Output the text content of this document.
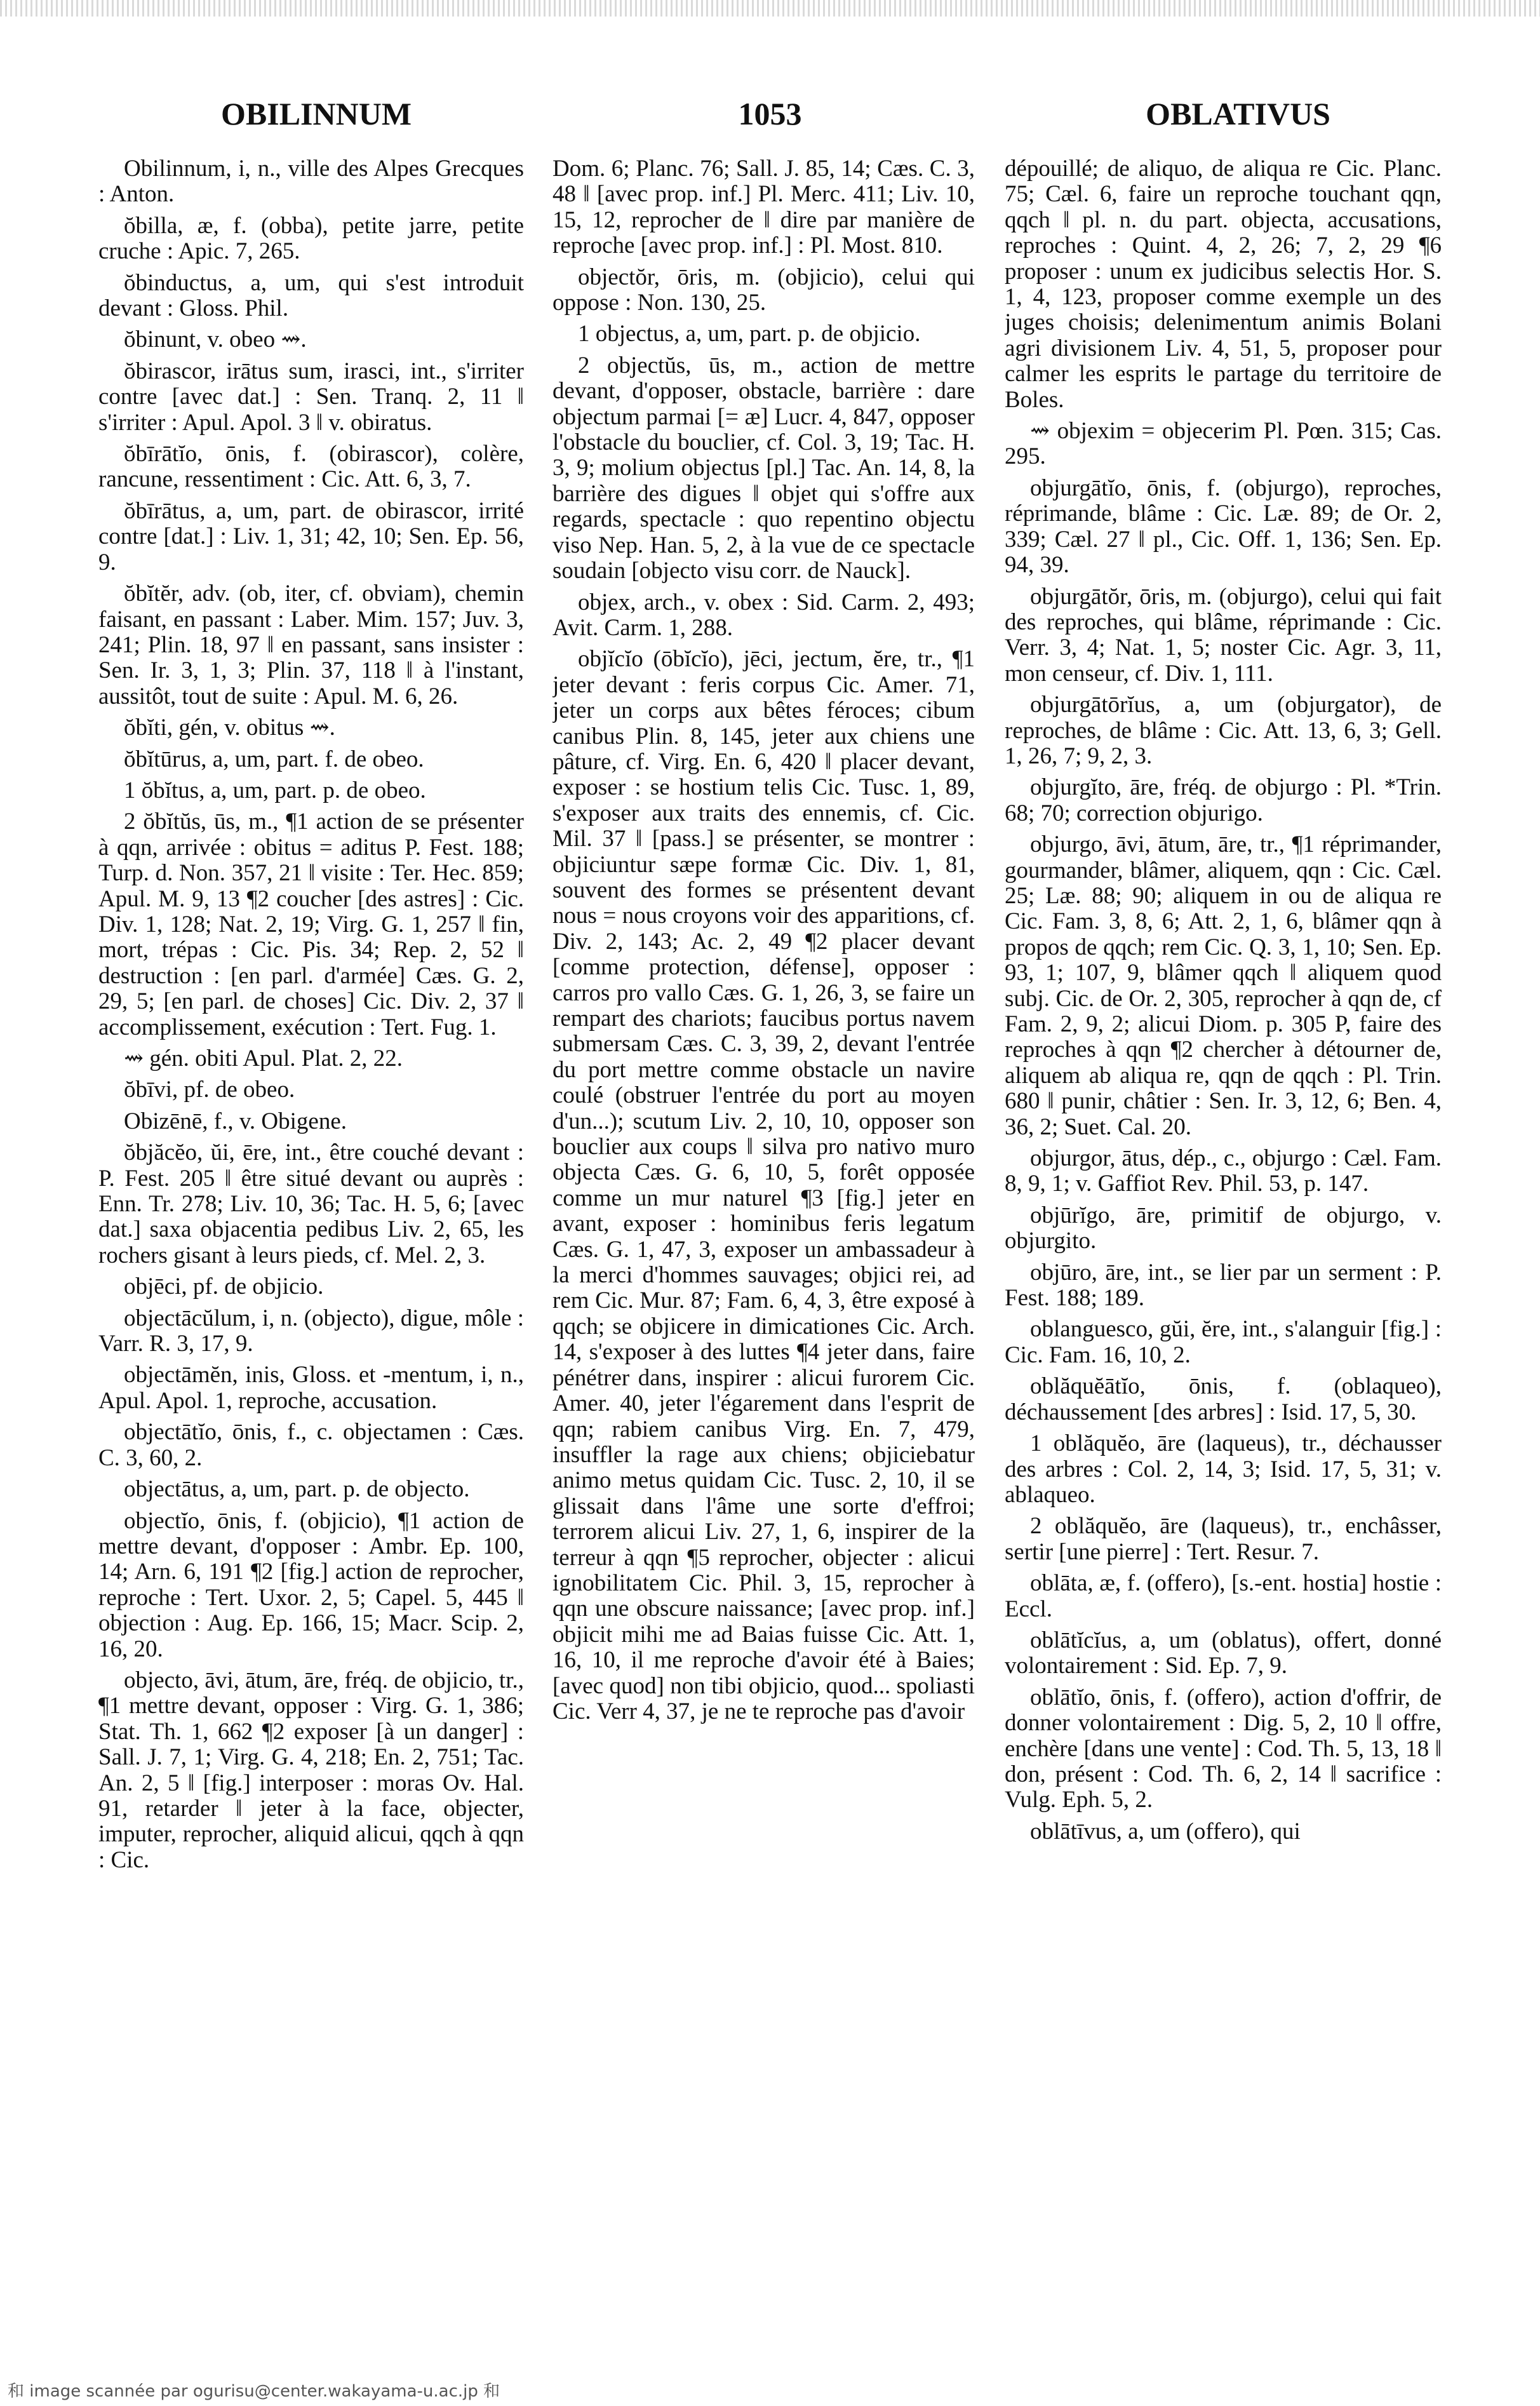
OBILINNUM	1053	OBLATIVUS

Obilinnum, i, n., ville des Alpes Grecques : Anton.

ŏbilla, æ, f. (obba), petite jarre, petite cruche : Apic. 7, 265.

ŏbinductus, a, um, qui s'est introduit devant : Gloss. Phil.

ŏbinunt, v. obeo ⇝.

ŏbirascor, irātus sum, irasci, int., s'irriter contre [avec dat.] : Sen. Tranq. 2, 11 ‖ s'irriter : Apul. Apol. 3 ‖ v. obiratus.

ŏbīrātĭo, ōnis, f. (obirascor), colère, rancune, ressentiment : Cic. Att. 6, 3, 7.

ŏbīrātus, a, um, part. de obirascor, irrité contre [dat.] : Liv. 1, 31; 42, 10; Sen. Ep. 56, 9.

ŏbĭtĕr, adv. (ob, iter, cf. obviam), chemin faisant, en passant : Laber. Mim. 157; Juv. 3, 241; Plin. 18, 97 ‖ en passant, sans insister : Sen. Ir. 3, 1, 3; Plin. 37, 118 ‖ à l'instant, aussitôt, tout de suite : Apul. M. 6, 26.

ŏbĭti, gén, v. obitus ⇝.

ŏbĭtūrus, a, um, part. f. de obeo.

1 ŏbĭtus, a, um, part. p. de obeo.

2 ŏbĭtŭs, ūs, m., ¶1 action de se présenter à qqn, arrivée : obitus = aditus P. Fest. 188; Turp. d. Non. 357, 21 ‖ visite : Ter. Hec. 859; Apul. M. 9, 13 ¶2 coucher [des astres] : Cic. Div. 1, 128; Nat. 2, 19; Virg. G. 1, 257 ‖ fin, mort, trépas : Cic. Pis. 34; Rep. 2, 52 ‖ destruction : [en parl. d'armée] Cæs. G. 2, 29, 5; [en parl. de choses] Cic. Div. 2, 37 ‖ accomplissement, exécution : Tert. Fug. 1.

⇝ gén. obiti Apul. Plat. 2, 22.

ŏbīvi, pf. de obeo.

Obizēnē, f., v. Obigene.

ŏbjăcĕo, ŭi, ēre, int., être couché devant : P. Fest. 205 ‖ être situé devant ou auprès : Enn. Tr. 278; Liv. 10, 36; Tac. H. 5, 6; [avec dat.] saxa objacentia pedibus Liv. 2, 65, les rochers gisant à leurs pieds, cf. Mel. 2, 3.

objēci, pf. de objicio.

objectācŭlum, i, n. (objecto), digue, môle : Varr. R. 3, 17, 9.

objectāmĕn, inis, Gloss. et -mentum, i, n., Apul. Apol. 1, reproche, accusation.

objectātĭo, ōnis, f., c. objectamen : Cæs. C. 3, 60, 2.

objectātus, a, um, part. p. de objecto.

objectĭo, ōnis, f. (objicio), ¶1 action de mettre devant, d'opposer : Ambr. Ep. 100, 14; Arn. 6, 191 ¶2 [fig.] action de reprocher, reproche : Tert. Uxor. 2, 5; Capel. 5, 445 ‖ objection : Aug. Ep. 166, 15; Macr. Scip. 2, 16, 20.

objecto, āvi, ātum, āre, fréq. de objicio, tr., ¶1 mettre devant, opposer : Virg. G. 1, 386; Stat. Th. 1, 662 ¶2 exposer [à un danger] : Sall. J. 7, 1; Virg. G. 4, 218; En. 2, 751; Tac. An. 2, 5 ‖ [fig.] interposer : moras Ov. Hal. 91, retarder ‖ jeter à la face, objecter, imputer, reprocher, aliquid alicui, qqch à qqn : Cic.

Dom. 6; Planc. 76; Sall. J. 85, 14; Cæs. C. 3, 48 ‖ [avec prop. inf.] Pl. Merc. 411; Liv. 10, 15, 12, reprocher de ‖ dire par manière de reproche [avec prop. inf.] : Pl. Most. 810.

objectŏr, ōris, m. (objicio), celui qui oppose : Non. 130, 25.

1 objectus, a, um, part. p. de objicio.

2 objectŭs, ūs, m., action de mettre devant, d'opposer, obstacle, barrière : dare objectum parmai [= æ] Lucr. 4, 847, opposer l'obstacle du bouclier, cf. Col. 3, 19; Tac. H. 3, 9; molium objectus [pl.] Tac. An. 14, 8, la barrière des digues ‖ objet qui s'offre aux regards, spectacle : quo repentino objectu viso Nep. Han. 5, 2, à la vue de ce spectacle soudain [objecto visu corr. de Nauck].

objex, arch., v. obex : Sid. Carm. 2, 493; Avit. Carm. 1, 288.

objĭcĭo (ōbĭcĭo), jēci, jectum, ĕre, tr., ¶1 jeter devant : feris corpus Cic. Amer. 71, jeter un corps aux bêtes féroces; cibum canibus Plin. 8, 145, jeter aux chiens une pâture, cf. Virg. En. 6, 420 ‖ placer devant, exposer : se hostium telis Cic. Tusc. 1, 89, s'exposer aux traits des ennemis, cf. Cic. Mil. 37 ‖ [pass.] se présenter, se montrer : objiciuntur sæpe formæ Cic. Div. 1, 81, souvent des formes se présentent devant nous = nous croyons voir des apparitions, cf. Div. 2, 143; Ac. 2, 49 ¶2 placer devant [comme protection, défense], opposer : carros pro vallo Cæs. G. 1, 26, 3, se faire un rempart des chariots; faucibus portus navem submersam Cæs. C. 3, 39, 2, devant l'entrée du port mettre comme obstacle un navire coulé (obstruer l'entrée du port au moyen d'un...); scutum Liv. 2, 10, 10, opposer son bouclier aux coups ‖ silva pro nativo muro objecta Cæs. G. 6, 10, 5, forêt opposée comme un mur naturel ¶3 [fig.] jeter en avant, exposer : hominibus feris legatum Cæs. G. 1, 47, 3, exposer un ambassadeur à la merci d'hommes sauvages; objici rei, ad rem Cic. Mur. 87; Fam. 6, 4, 3, être exposé à qqch; se objicere in dimicationes Cic. Arch. 14, s'exposer à des luttes ¶4 jeter dans, faire pénétrer dans, inspirer : alicui furorem Cic. Amer. 40, jeter l'égarement dans l'esprit de qqn; rabiem canibus Virg. En. 7, 479, insuffler la rage aux chiens; objiciebatur animo metus quidam Cic. Tusc. 2, 10, il se glissait dans l'âme une sorte d'effroi; terrorem alicui Liv. 27, 1, 6, inspirer de la terreur à qqn ¶5 reprocher, objecter : alicui ignobilitatem Cic. Phil. 3, 15, reprocher à qqn une obscure naissance; [avec prop. inf.] objicit mihi me ad Baias fuisse Cic. Att. 1, 16, 10, il me reproche d'avoir été à Baies; [avec quod] non tibi objicio, quod... spoliasti Cic. Verr 4, 37, je ne te reproche pas d'avoir

dépouillé; de aliquo, de aliqua re Cic. Planc. 75; Cæl. 6, faire un reproche touchant qqn, qqch ‖ pl. n. du part. objecta, accusations, reproches : Quint. 4, 2, 26; 7, 2, 29 ¶6 proposer : unum ex judicibus selectis Hor. S. 1, 4, 123, proposer comme exemple un des juges choisis; delenimentum animis Bolani agri divisionem Liv. 4, 51, 5, proposer pour calmer les esprits le partage du territoire de Boles.

⇝ objexim = objecerim Pl. Pœn. 315; Cas. 295.

objurgātĭo, ōnis, f. (objurgo), reproches, réprimande, blâme : Cic. Læ. 89; de Or. 2, 339; Cæl. 27 ‖ pl., Cic. Off. 1, 136; Sen. Ep. 94, 39.

objurgātŏr, ōris, m. (objurgo), celui qui fait des reproches, qui blâme, réprimande : Cic. Verr. 3, 4; Nat. 1, 5; noster Cic. Agr. 3, 11, mon censeur, cf. Div. 1, 111.

objurgātōrĭus, a, um (objurgator), de reproches, de blâme : Cic. Att. 13, 6, 3; Gell. 1, 26, 7; 9, 2, 3.

objurgĭto, āre, fréq. de objurgo : Pl. *Trin. 68; 70; correction objurigo.

objurgo, āvi, ātum, āre, tr., ¶1 réprimander, gourmander, blâmer, aliquem, qqn : Cic. Cæl. 25; Læ. 88; 90; aliquem in ou de aliqua re Cic. Fam. 3, 8, 6; Att. 2, 1, 6, blâmer qqn à propos de qqch; rem Cic. Q. 3, 1, 10; Sen. Ep. 93, 1; 107, 9, blâmer qqch ‖ aliquem quod subj. Cic. de Or. 2, 305, reprocher à qqn de, cf Fam. 2, 9, 2; alicui Diom. p. 305 P, faire des reproches à qqn ¶2 chercher à détourner de, aliquem ab aliqua re, qqn de qqch : Pl. Trin. 680 ‖ punir, châtier : Sen. Ir. 3, 12, 6; Ben. 4, 36, 2; Suet. Cal. 20.

objurgor, ātus, dép., c., objurgo : Cæl. Fam. 8, 9, 1; v. Gaffiot Rev. Phil. 53, p. 147.

objūrĭgo, āre, primitif de objurgo, v. objurgito.

objūro, āre, int., se lier par un serment : P. Fest. 188; 189.

oblanguesco, gŭi, ĕre, int., s'alanguir [fig.] : Cic. Fam. 16, 10, 2.

oblăquĕātĭo, ōnis, f. (oblaqueo), déchaussement [des arbres] : Isid. 17, 5, 30.

1 oblăquĕo, āre (laqueus), tr., déchausser des arbres : Col. 2, 14, 3; Isid. 17, 5, 31; v. ablaqueo.

2 oblăquĕo, āre (laqueus), tr., enchâsser, sertir [une pierre] : Tert. Resur. 7.

oblāta, æ, f. (offero), [s.-ent. hostia] hostie : Eccl.

oblātĭcĭus, a, um (oblatus), offert, donné volontairement : Sid. Ep. 7, 9.

oblātĭo, ōnis, f. (offero), action d'offrir, de donner volontairement : Dig. 5, 2, 10 ‖ offre, enchère [dans une vente] : Cod. Th. 5, 13, 18 ‖ don, présent : Cod. Th. 6, 2, 14 ‖ sacrifice : Vulg. Eph. 5, 2.

oblātīvus, a, um (offero), qui

和 image scannée par ogurisu@center.wakayama-u.ac.jp 和
